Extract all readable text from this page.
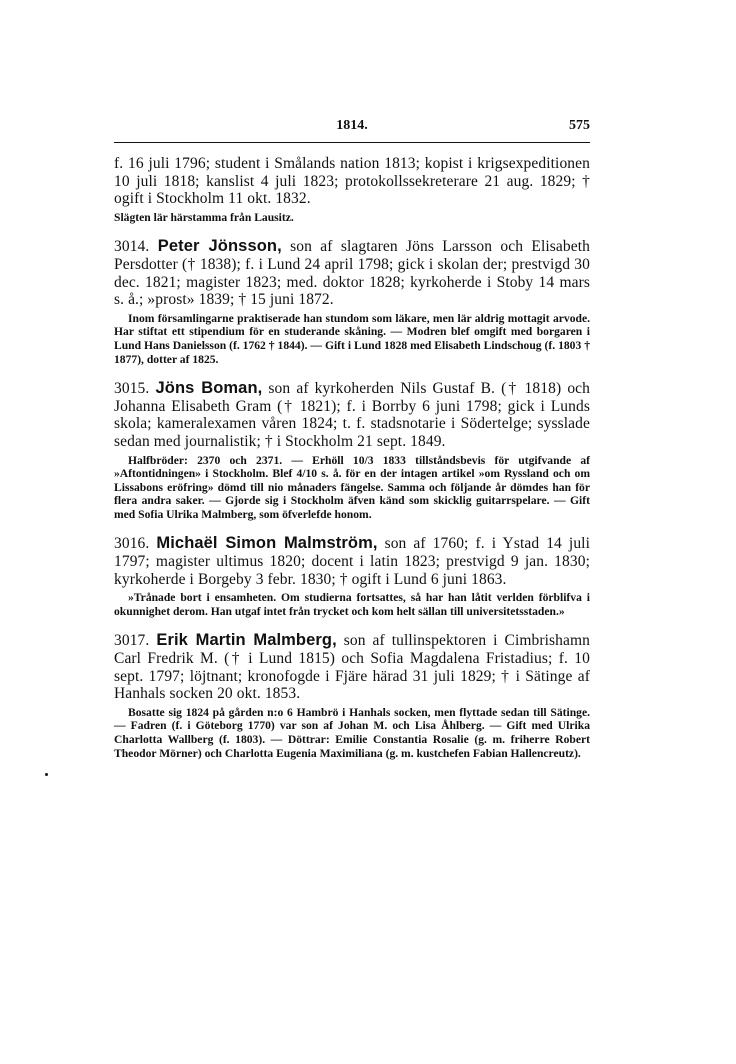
1814.	575

f. 16 juli 1796; student i Smålands nation 1813; kopist i krigsexpeditionen 10 juli 1818; kanslist 4 juli 1823; protokollssekreterare 21 aug. 1829; † ogift i Stockholm 11 okt. 1832.

Slägten lär härstamma från Lausitz.

3014. Peter Jönsson, son af slagtaren Jöns Larsson och Elisabeth Persdotter († 1838); f. i Lund 24 april 1798; gick i skolan der; prestvigd 30 dec. 1821; magister 1823; med. doktor 1828; kyrkoherde i Stoby 14 mars s. å.; »prost» 1839; † 15 juni 1872.

Inom församlingarne praktiserade han stundom som läkare, men lär aldrig mottagit arvode. Har stiftat ett stipendium för en studerande skåning. — Modren blef omgift med borgaren i Lund Hans Danielsson (f. 1762 † 1844). — Gift i Lund 1828 med Elisabeth Lindschoug (f. 1803 † 1877), dotter af 1825.

3015. Jöns Boman, son af kyrkoherden Nils Gustaf B. († 1818) och Johanna Elisabeth Gram († 1821); f. i Borrby 6 juni 1798; gick i Lunds skola; kameralexamen våren 1824; t. f. stadsnotarie i Södertelge; sysslade sedan med journalistik; † i Stockholm 21 sept. 1849.

Halfbröder: 2370 och 2371. — Erhöll 10/3 1833 tillståndsbevis för utgifvande af »Aftontidningen» i Stockholm. Blef 4/10 s. å. för en der intagen artikel »om Ryssland och om Lissabons eröfring» dömd till nio månaders fängelse. Samma och följande år dömdes han för flera andra saker. — Gjorde sig i Stockholm äfven känd som skicklig guitarrspelare. — Gift med Sofia Ulrika Malmberg, som öfverlefde honom.

3016. Michaël Simon Malmström, son af 1760; f. i Ystad 14 juli 1797; magister ultimus 1820; docent i latin 1823; prestvigd 9 jan. 1830; kyrkoherde i Borgeby 3 febr. 1830; † ogift i Lund 6 juni 1863.

»Trånade bort i ensamheten. Om studierna fortsattes, så har han låtit verlden förblifva i okunnighet derom. Han utgaf intet från trycket och kom helt sällan till universitetsstaden.»

3017. Erik Martin Malmberg, son af tullinspektoren i Cimbrishamn Carl Fredrik M. († i Lund 1815) och Sofia Magdalena Fristadius; f. 10 sept. 1797; löjtnant; kronofogde i Fjäre härad 31 juli 1829; † i Sätinge af Hanhals socken 20 okt. 1853.

Bosatte sig 1824 på gården n:o 6 Hambrö i Hanhals socken, men flyttade sedan till Sätinge. — Fadren (f. i Göteborg 1770) var son af Johan M. och Lisa Åhlberg. — Gift med Ulrika Charlotta Wallberg (f. 1803). — Döttrar: Emilie Constantia Rosalie (g. m. friherre Robert Theodor Mörner) och Charlotta Eugenia Maximiliana (g. m. kustchefen Fabian Hallencreutz).
